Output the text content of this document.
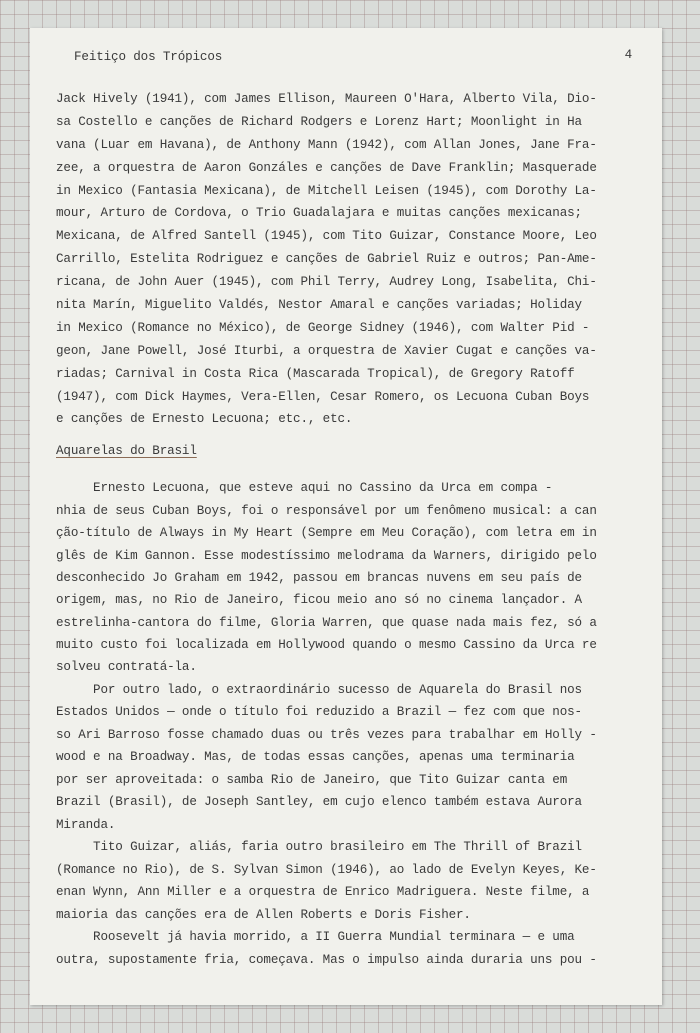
Feitiço dos Trópicos	4
Jack Hively (1941), com James Ellison, Maureen O'Hara, Alberto Vila, Dio-
sa Costello e canções de Richard Rodgers e Lorenz Hart; Moonlight in Ha
vana (Luar em Havana), de Anthony Mann (1942), com Allan Jones, Jane Fra-
zee, a orquestra de Aaron Gonzáles e canções de Dave Franklin; Masquerade
in Mexico (Fantasia Mexicana), de Mitchell Leisen (1945), com Dorothy La-
mour, Arturo de Cordova, o Trio Guadalajara e muitas canções mexicanas;
Mexicana, de Alfred Santell (1945), com Tito Guizar, Constance Moore, Leo
Carrillo, Estelita Rodriguez e canções de Gabriel Ruiz e outros; Pan-Ame-
ricana, de John Auer (1945), com Phil Terry, Audrey Long, Isabelita, Chi-
nita Marín, Miguelito Valdés, Nestor Amaral e canções variadas; Holiday
in Mexico (Romance no México), de George Sidney (1946), com Walter Pid -
geon, Jane Powell, José Iturbi, a orquestra de Xavier Cugat e canções va-
riadas; Carnival in Costa Rica (Mascarada Tropical), de Gregory Ratoff
(1947), com Dick Haymes, Vera-Ellen, Cesar Romero, os Lecuona Cuban Boys
e canções de Ernesto Lecuona; etc., etc.
Aquarelas do Brasil
Ernesto Lecuona, que esteve aqui no Cassino da Urca em compa -
nhia de seus Cuban Boys, foi o responsável por um fenômeno musical: a can
ção-título de Always in My Heart (Sempre em Meu Coração), com letra em in
glês de Kim Gannon. Esse modestíssimo melodrama da Warners, dirigido pelo
desconhecido Jo Graham em 1942, passou em brancas nuvens em seu país de
origem, mas, no Rio de Janeiro, ficou meio ano só no cinema lançador. A
estrelinha-cantora do filme, Gloria Warren, que quase nada mais fez, só a
muito custo foi localizada em Hollywood quando o mesmo Cassino da Urca re
solveu contratá-la.
Por outro lado, o extraordinário sucesso de Aquarela do Brasil nos
Estados Unidos — onde o título foi reduzido a Brazil — fez com que nos-
so Ari Barroso fosse chamado duas ou três vezes para trabalhar em Holly -
wood e na Broadway. Mas, de todas essas canções, apenas uma terminaria
por ser aproveitada: o samba Rio de Janeiro, que Tito Guizar canta em
Brazil (Brasil), de Joseph Santley, em cujo elenco também estava Aurora
Miranda.
Tito Guizar, aliás, faria outro brasileiro em The Thrill of Brazil
(Romance no Rio), de S. Sylvan Simon (1946), ao lado de Evelyn Keyes, Ke-
enan Wynn, Ann Miller e a orquestra de Enrico Madriguera. Neste filme, a
maioria das canções era de Allen Roberts e Doris Fisher.
Roosevelt já havia morrido, a II Guerra Mundial terminara — e uma
outra, supostamente fria, começava. Mas o impulso ainda duraria uns pou -
